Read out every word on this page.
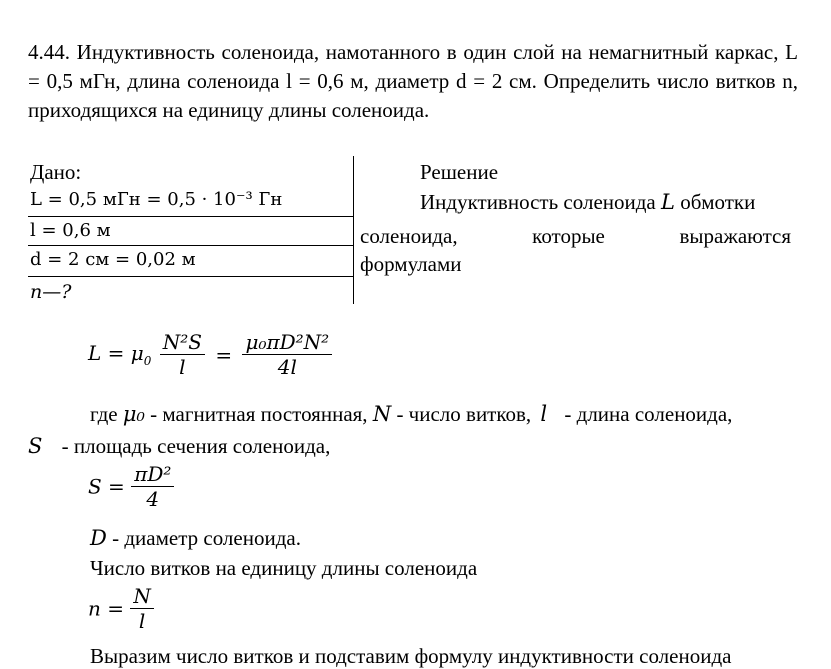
4.44. Индуктивность соленоида, намотанного в один слой на немагнитный каркас, L = 0,5 мГн, длина соленоида l = 0,6 м, диаметр d = 2 см. Определить число витков n, приходящихся на единицу длины соленоида.
Дано:
L = 0,5 мГн = 0,5 · 10⁻³ Гн
l = 0,6 м
d = 2 см = 0,02 м
n—?
Решение
Индуктивность соленоида L обмотки
соленоида, которые выражаются
формулами
$L = \mu_0 \frac{\text{N²S}}{l} = \frac{\text{μ₀πD²N²}}{4l}$
где μ₀ - магнитная постоянная, N - число витков, l - длина соленоида,
S - площадь сечения соленоида,
$S = \frac{\text{πD²}}{4}$
D - диаметр соленоида.
Число витков на единицу длины соленоида
$n = \frac{N}{l}$
Выразим число витков и подставим формулу индуктивности соленоида
